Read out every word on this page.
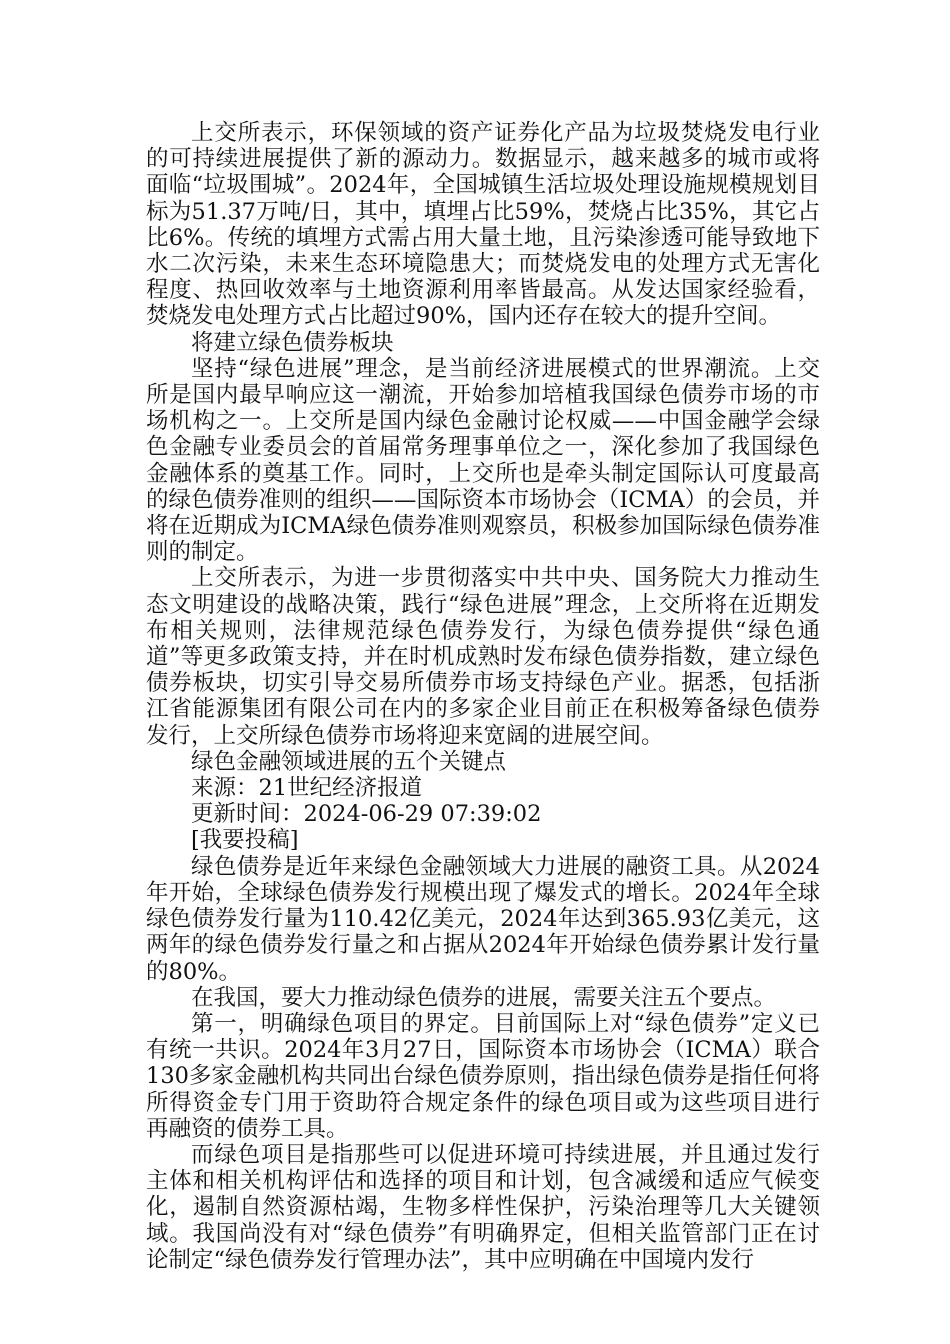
上交所表示，环保领域的资产证券化产品为垃圾焚烧发电行业的可持续进展提供了新的源动力。数据显示，越来越多的城市或将面临“垃圾围城”。2024年，全国城镇生活垃圾处理设施规模规划目标为51.37万吨/日，其中，填埋占比59%，焚烧占比35%，其它占比6%。传统的填埋方式需占用大量土地，且污染渗透可能导致地下水二次污染，未来生态环境隐患大；而焚烧发电的处理方式无害化程度、热回收效率与土地资源利用率皆最高。从发达国家经验看，焚烧发电处理方式占比超过90%，国内还存在较大的提升空间。

将建立绿色债券板块

坚持“绿色进展”理念，是当前经济进展模式的世界潮流。上交所是国内最早响应这一潮流，开始参加培植我国绿色债券市场的市场机构之一。上交所是国内绿色金融讨论权威——中国金融学会绿色金融专业委员会的首届常务理事单位之一，深化参加了我国绿色金融体系的奠基工作。同时，上交所也是牵头制定国际认可度最高的绿色债券准则的组织——国际资本市场协会（ICMA）的会员，并将在近期成为ICMA绿色债券准则观察员，积极参加国际绿色债券准则的制定。

上交所表示，为进一步贯彻落实中共中央、国务院大力推动生态文明建设的战略决策，践行“绿色进展”理念，上交所将在近期发布相关规则，法律规范绿色债券发行，为绿色债券提供“绿色通道”等更多政策支持，并在时机成熟时发布绿色债券指数，建立绿色债券板块，切实引导交易所债券市场支持绿色产业。据悉，包括浙江省能源集团有限公司在内的多家企业目前正在积极筹备绿色债券发行，上交所绿色债券市场将迎来宽阔的进展空间。

绿色金融领域进展的五个关键点

来源：21世纪经济报道

更新时间：2024-06-29 07:39:02

[我要投稿]

绿色债券是近年来绿色金融领域大力进展的融资工具。从2024年开始，全球绿色债券发行规模出现了爆发式的增长。2024年全球绿色债券发行量为110.42亿美元，2024年达到365.93亿美元，这两年的绿色债券发行量之和占据从2024年开始绿色债券累计发行量的80%。

在我国，要大力推动绿色债券的进展，需要关注五个要点。

第一，明确绿色项目的界定。目前国际上对“绿色债券”定义已有统一共识。2024年3月27日，国际资本市场协会（ICMA）联合130多家金融机构共同出台绿色债券原则，指出绿色债券是指任何将所得资金专门用于资助符合规定条件的绿色项目或为这些项目进行再融资的债券工具。

而绿色项目是指那些可以促进环境可持续进展，并且通过发行主体和相关机构评估和选择的项目和计划，包含减缓和适应气候变化，遏制自然资源枯竭，生物多样性保护，污染治理等几大关键领域。我国尚没有对“绿色债券”有明确界定，但相关监管部门正在讨论制定“绿色债券发行管理办法”，其中应明确在中国境内发行
